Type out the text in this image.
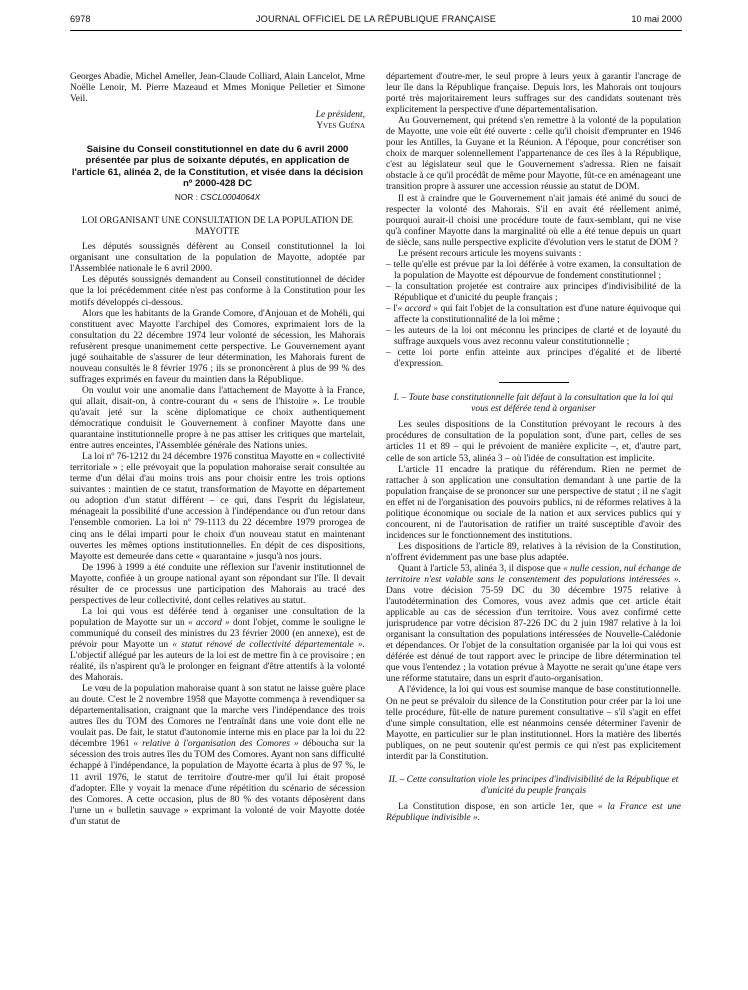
6978	JOURNAL OFFICIEL DE LA RÉPUBLIQUE FRANÇAISE	10 mai 2000

Georges Abadie, Michel Ameller, Jean-Claude Colliard, Alain Lancelot, Mme Noëlle Lenoir, M. Pierre Mazeaud et Mmes Monique Pelletier et Simone Veil.

Le président,

Yves Guéna

Saisine du Conseil constitutionnel en date du 6 avril 2000 présentée par plus de soixante députés, en application de l'article 61, alinéa 2, de la Constitution, et visée dans la décision nº 2000-428 DC

NOR : CSCL0004064X

LOI ORGANISANT UNE CONSULTATION DE LA POPULATION DE MAYOTTE

Les députés soussignés défèrent au Conseil constitutionnel la loi organisant une consultation de la population de Mayotte, adoptée par l'Assemblée nationale le 6 avril 2000.

Les députés soussignés demandent au Conseil constitutionnel de décider que la loi précédemment citée n'est pas conforme à la Constitution pour les motifs développés ci-dessous.

Alors que les habitants de la Grande Comore, d'Anjouan et de Mohéli, qui constituent avec Mayotte l'archipel des Comores, exprimaient lors de la consultation du 22 décembre 1974 leur volonté de sécession, les Mahorais refusèrent presque unanimement cette perspective. Le Gouvernement ayant jugé souhaitable de s'assurer de leur détermination, les Mahorais furent de nouveau consultés le 8 février 1976 ; ils se prononcèrent à plus de 99 % des suffrages exprimés en faveur du maintien dans la République.

On voulut voir une anomalie dans l'attachement de Mayotte à la France, qui allait, disait-on, à contre-courant du « sens de l'histoire ». Le trouble qu'avait jeté sur la scène diplomatique ce choix authentiquement démocratique conduisit le Gouvernement à confiner Mayotte dans une quarantaine institutionnelle propre à ne pas attiser les critiques que martelait, entre autres enceintes, l'Assemblée générale des Nations unies.

La loi nº 76-1212 du 24 décembre 1976 constitua Mayotte en « collectivité territoriale » ; elle prévoyait que la population mahoraise serait consultée au terme d'un délai d'au moins trois ans pour choisir entre les trois options suivantes : maintien de ce statut, transformation de Mayotte en département ou adoption d'un statut différent – ce qui, dans l'esprit du législateur, ménageait la possibilité d'une accession à l'indépendance ou d'un retour dans l'ensemble comorien. La loi nº 79-1113 du 22 décembre 1979 prorogea de cinq ans le délai imparti pour le choix d'un nouveau statut en maintenant ouvertes les mêmes options institutionnelles. En dépit de ces dispositions, Mayotte est demeurée dans cette « quarantaine » jusqu'à nos jours.

De 1996 à 1999 a été conduite une réflexion sur l'avenir institutionnel de Mayotte, confiée à un groupe national ayant son répondant sur l'île. Il devait résulter de ce processus une participation des Mahorais au tracé des perspectives de leur collectivité, dont celles relatives au statut.

La loi qui vous est déférée tend à organiser une consultation de la population de Mayotte sur un « accord » dont l'objet, comme le souligne le communiqué du conseil des ministres du 23 février 2000 (en annexe), est de prévoir pour Mayotte un « statut rénové de collectivité départementale ». L'objectif allégué par les auteurs de la loi est de mettre fin à ce provisoire ; en réalité, ils n'aspirent qu'à le prolonger en feignant d'être attentifs à la volonté des Mahorais.

Le vœu de la population mahoraise quant à son statut ne laisse guère place au doute. C'est le 2 novembre 1958 que Mayotte commença à revendiquer sa départementalisation, craignant que la marche vers l'indépendance des trois autres îles du TOM des Comores ne l'entraînât dans une voie dont elle ne voulait pas. De fait, le statut d'autonomie interne mis en place par la loi du 22 décembre 1961 « relative à l'organisation des Comores » déboucha sur la sécession des trois autres îles du TOM des Comores. Ayant non sans difficulté échappé à l'indépendance, la population de Mayotte écarta à plus de 97 %, le 11 avril 1976, le statut de territoire d'outre-mer qu'il lui était proposé d'adopter. Elle y voyait la menace d'une répétition du scénario de sécession des Comores. A cette occasion, plus de 80 % des votants déposèrent dans l'urne un « bulletin sauvage » exprimant la volonté de voir Mayotte dotée d'un statut de

département d'outre-mer, le seul propre à leurs yeux à garantir l'ancrage de leur île dans la République française. Depuis lors, les Mahorais ont toujours porté très majoritairement leurs suffrages sur des candidats soutenant très explicitement la perspective d'une départementalisation.

Au Gouvernement, qui prétend s'en remettre à la volonté de la population de Mayotte, une voie eût été ouverte : celle qu'il choisit d'emprunter en 1946 pour les Antilles, la Guyane et la Réunion. A l'époque, pour concrétiser son choix de marquer solennellement l'appartenance de ces îles à la République, c'est au législateur seul que le Gouvernement s'adressa. Rien ne faisait obstacle à ce qu'il procédât de même pour Mayotte, fût-ce en aménageant une transition propre à assurer une accession réussie au statut de DOM.

Il est à craindre que le Gouvernement n'ait jamais été animé du souci de respecter la volonté des Mahorais. S'il en avait été réellement animé, pourquoi aurait-il choisi une procédure toute de faux-semblant, qui ne vise qu'à confiner Mayotte dans la marginalité où elle a été tenue depuis un quart de siècle, sans nulle perspective explicite d'évolution vers le statut de DOM ?

Le présent recours articule les moyens suivants :

– telle qu'elle est prévue par la loi déférée à votre examen, la consultation de la population de Mayotte est dépourvue de fondement constitutionnel ;
– la consultation projetée est contraire aux principes d'indivisibilité de la République et d'unicité du peuple français ;
– l'« accord » qui fait l'objet de la consultation est d'une nature équivoque qui affecte la constitutionnalité de la loi même ;
– les auteurs de la loi ont méconnu les principes de clarté et de loyauté du suffrage auxquels vous avez reconnu valeur constitutionnelle ;
– cette loi porte enfin atteinte aux principes d'égalité et de liberté d'expression.

I. – Toute base constitutionnelle fait défaut à la consultation que la loi qui vous est déférée tend à organiser

Les seules dispositions de la Constitution prévoyant le recours à des procédures de consultation de la population sont, d'une part, celles de ses articles 11 et 89 – qui le prévoient de manière explicite –, et, d'autre part, celle de son article 53, alinéa 3 – où l'idée de consultation est implicite.

L'article 11 encadre la pratique du référendum. Rien ne permet de rattacher à son application une consultation demandant à une partie de la population française de se prononcer sur une perspective de statut ; il ne s'agit en effet ni de l'organisation des pouvoirs publics, ni de réformes relatives à la politique économique ou sociale de la nation et aux services publics qui y concourent, ni de l'autorisation de ratifier un traité susceptible d'avoir des incidences sur le fonctionnement des institutions.

Les dispositions de l'article 89, relatives à la révision de la Constitution, n'offrent évidemment pas une base plus adaptée.

Quant à l'article 53, alinéa 3, il dispose que « nulle cession, nul échange de territoire n'est valable sans le consentement des populations intéressées ». Dans votre décision 75-59 DC du 30 décembre 1975 relative à l'autodétermination des Comores, vous avez admis que cet article était applicable au cas de sécession d'un territoire. Vous avez confirmé cette jurisprudence par votre décision 87-226 DC du 2 juin 1987 relative à la loi organisant la consultation des populations intéressées de Nouvelle-Calédonie et dépendances. Or l'objet de la consultation organisée par la loi qui vous est déférée est dénué de tout rapport avec le principe de libre détermination tel que vous l'entendez ; la votation prévue à Mayotte ne serait qu'une étape vers une réforme statutaire, dans un esprit d'auto-organisation.

A l'évidence, la loi qui vous est soumise manque de base constitutionnelle. On ne peut se prévaloir du silence de la Constitution pour créer par la loi une telle procédure, fût-elle de nature purement consultative – s'il s'agit en effet d'une simple consultation, elle est néanmoins censée déterminer l'avenir de Mayotte, en particulier sur le plan institutionnel. Hors la matière des libertés publiques, on ne peut soutenir qu'est permis ce qui n'est pas explicitement interdit par la Constitution.

II. – Cette consultation viole les principes d'indivisibilité de la République et d'unicité du peuple français

La Constitution dispose, en son article 1er, que « la France est une République indivisible ».
